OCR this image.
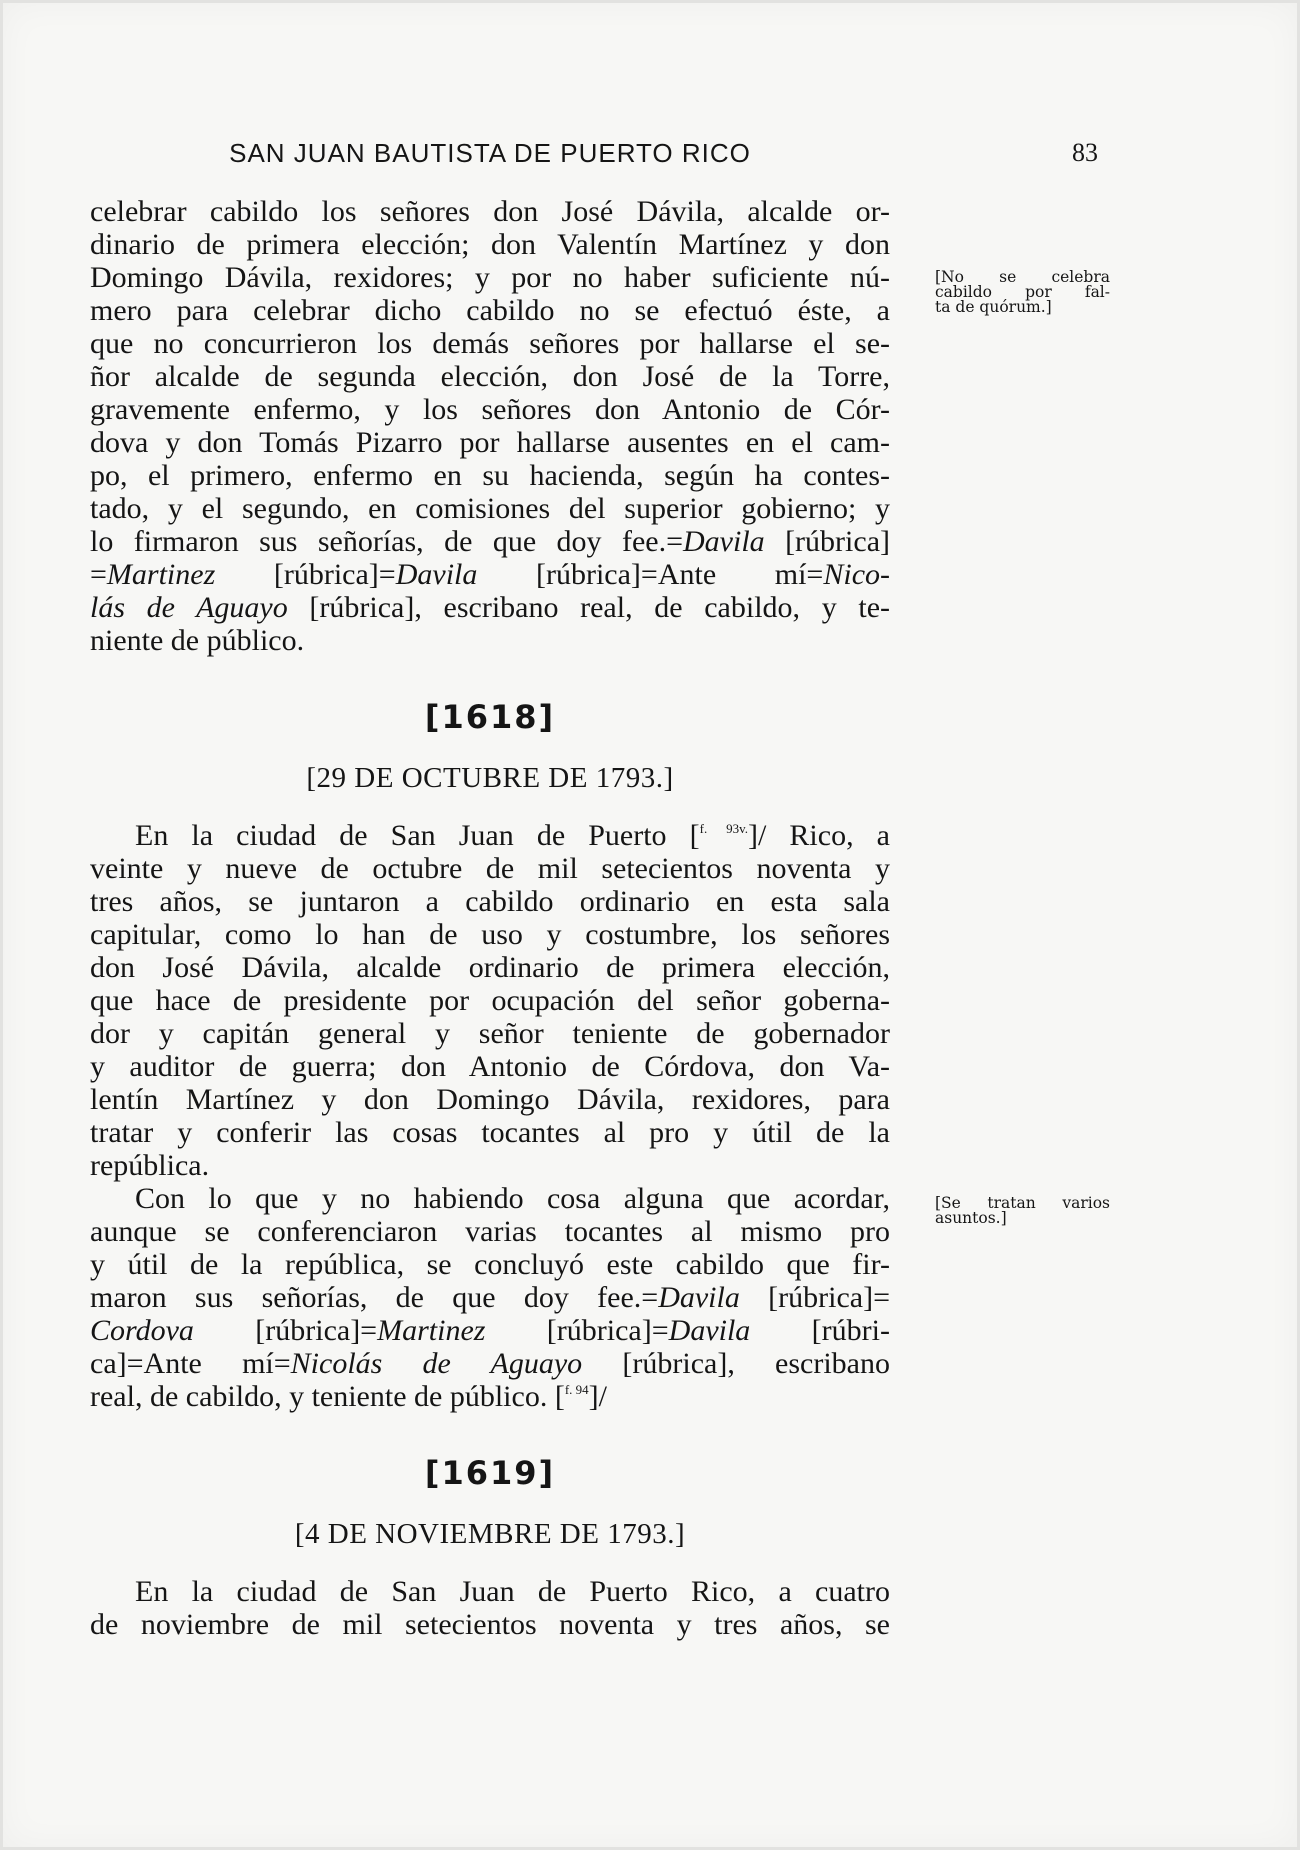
SAN JUAN BAUTISTA DE PUERTO RICO	83
celebrar cabildo los señores don José Dávila, alcalde or-
dinario de primera elección; don Valentín Martínez y don
Domingo Dávila, rexidores; y por no haber suficiente nú-
mero para celebrar dicho cabildo no se efectuó éste, a
que no concurrieron los demás señores por hallarse el se-
ñor alcalde de segunda elección, don José de la Torre,
gravemente enfermo, y los señores don Antonio de Cór-
dova y don Tomás Pizarro por hallarse ausentes en el cam-
po, el primero, enfermo en su hacienda, según ha contes-
tado, y el segundo, en comisiones del superior gobierno; y
lo firmaron sus señorías, de que doy fee.=Davila [rúbrica]
=Martinez [rúbrica]=Davila [rúbrica]=Ante mí=Nico-
lás de Aguayo [rúbrica], escribano real, de cabildo, y te-
niente de público.
[1618]
[29 DE OCTUBRE DE 1793.]
En la ciudad de San Juan de Puerto [$^{f. 93v.}$]/ Rico, a
veinte y nueve de octubre de mil setecientos noventa y
tres años, se juntaron a cabildo ordinario en esta sala
capitular, como lo han de uso y costumbre, los señores
don José Dávila, alcalde ordinario de primera elección,
que hace de presidente por ocupación del señor goberna-
dor y capitán general y señor teniente de gobernador
y auditor de guerra; don Antonio de Córdova, don Va-
lentín Martínez y don Domingo Dávila, rexidores, para
tratar y conferir las cosas tocantes al pro y útil de la
república.
Con lo que y no habiendo cosa alguna que acordar,
aunque se conferenciaron varias tocantes al mismo pro
y útil de la república, se concluyó este cabildo que fir-
maron sus señorías, de que doy fee.=Davila [rúbrica]=
Cordova [rúbrica]=Martinez [rúbrica]=Davila [rúbri-
ca]=Ante mí=Nicolás de Aguayo [rúbrica], escribano
real, de cabildo, y teniente de público. [$^{f. 94}$]/
[1619]
[4 DE NOVIEMBRE DE 1793.]
En la ciudad de San Juan de Puerto Rico, a cuatro
de noviembre de mil setecientos noventa y tres años, se
[No se celebra
cabildo por fal-
ta de quórum.]
[Se tratan varios
asuntos.]
